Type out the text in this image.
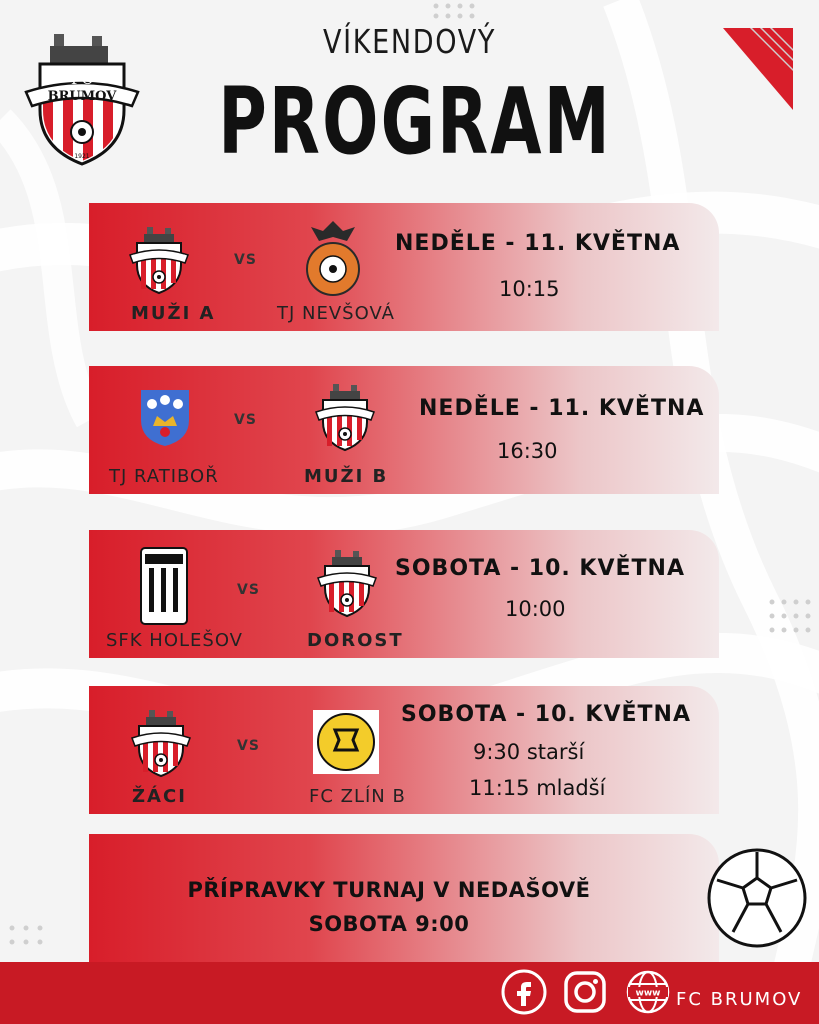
FC
BRUMOV
1921
VÍKENDOVÝ
PROGRAM
MUŽI A
VS
TJ NEVŠOVÁ
NEDĚLE - 11. KVĚTNA
10:15
TJ RATIBOŘ
VS
MUŽI B
NEDĚLE - 11. KVĚTNA
16:30
SFK HOLEŠOV
VS
DOROST
SOBOTA - 10. KVĚTNA
10:00
ŽÁCI
VS
FC ZLÍN B
SOBOTA - 10. KVĚTNA
9:30 starší
11:15 mladší
PŘÍPRAVKY TURNAJ V NEDAŠOVĚ
SOBOTA 9:00
www FC BRUMOV
